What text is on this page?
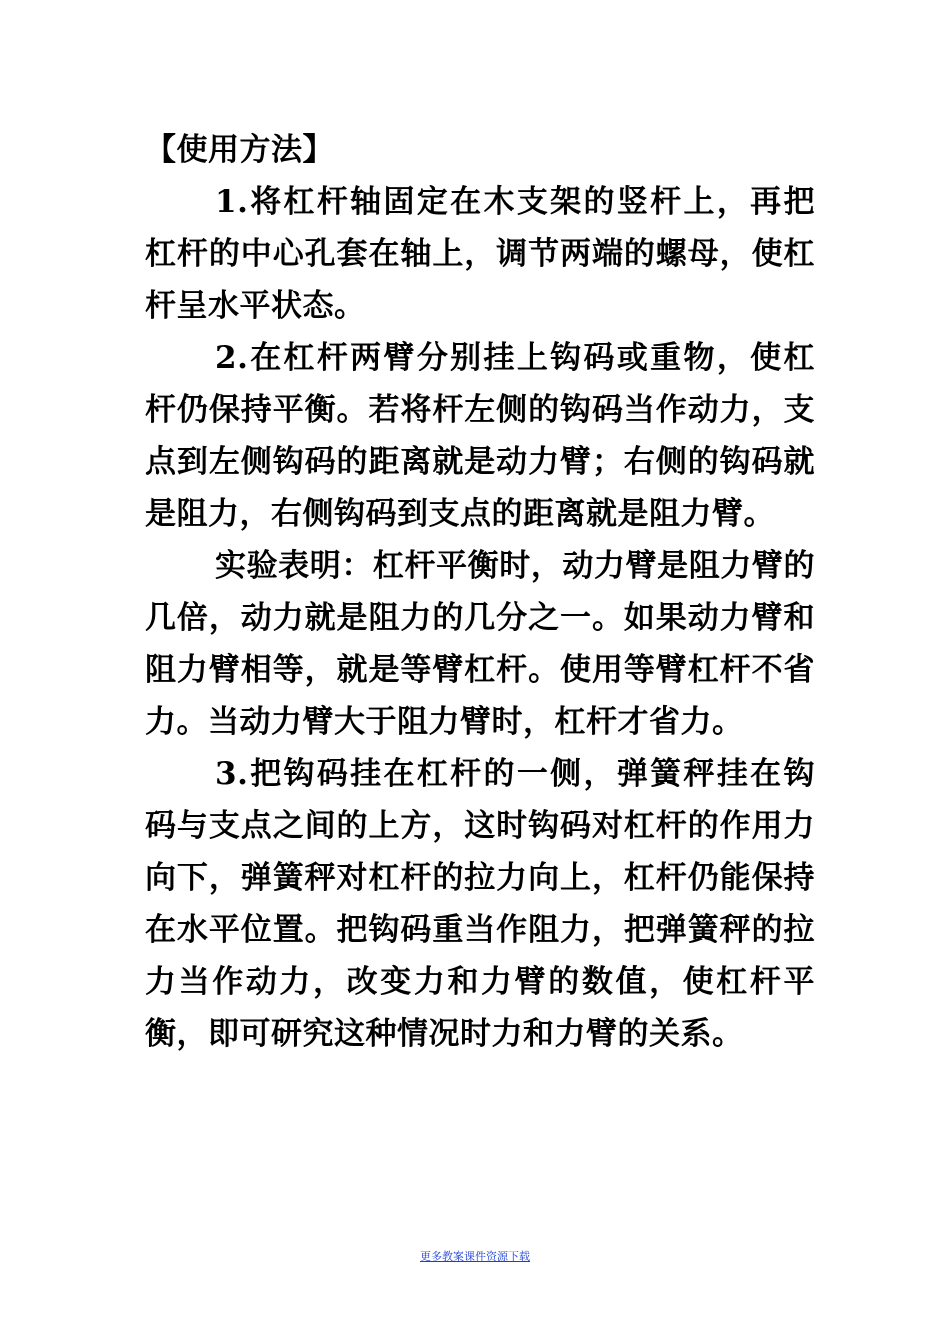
【使用方法】

1.将杠杆轴固定在木支架的竖杆上，再把杠杆的中心孔套在轴上，调节两端的螺母，使杠杆呈水平状态。

2.在杠杆两臂分别挂上钩码或重物，使杠杆仍保持平衡。若将杆左侧的钩码当作动力，支点到左侧钩码的距离就是动力臂；右侧的钩码就是阻力，右侧钩码到支点的距离就是阻力臂。

实验表明：杠杆平衡时，动力臂是阻力臂的几倍，动力就是阻力的几分之一。如果动力臂和阻力臂相等，就是等臂杠杆。使用等臂杠杆不省力。当动力臂大于阻力臂时，杠杆才省力。

3.把钩码挂在杠杆的一侧，弹簧秤挂在钩码与支点之间的上方，这时钩码对杠杆的作用力向下，弹簧秤对杠杆的拉力向上，杠杆仍能保持在水平位置。把钩码重当作阻力，把弹簧秤的拉力当作动力，改变力和力臂的数值，使杠杆平衡，即可研究这种情况时力和力臂的关系。

更多教案课件资源下载
